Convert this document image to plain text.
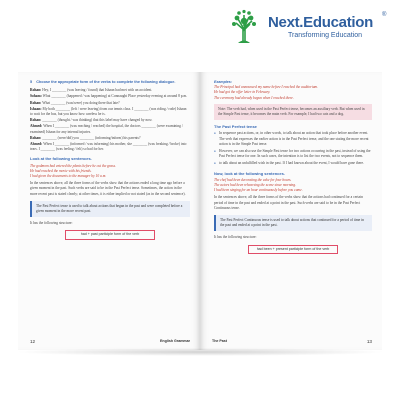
Next.Education ®
Transforming Education
5 Choose the appropriate form of the verbs to complete the following dialogue.
Rohan: Hey, I ________ (was leaving / found) that Ishaan had met with an accident.
Soham: What ________ (happened / was happening) at Connaught Place yesterday evening at around 8 p.m.
Rohan: What ________ (was/were) you doing there that late?
Ishaan: My both ________ (left / were leaving) from our tennis class. I ________ (was riding / rode) Ishaan to wait for the bus, but you know how careless he is.
Rohan: ________ (thought / was thinking) that this label may have changed by now.
Ahmed: When I ________ (was reaching / reached) the hospital, the doctors ________ (were examining / examined) Ishaan for any internal injuries.
Rohan: ________ (were/did) you ________ (informing/inform) his parents?
Ahmed: When I ________ (informed / was informing) his mother, she ________ (was freaking / broke) into tears. I ________ (was feeling / felt) so bad for her.
Look at the following sentences.
The godmom had entered the plants before he cut the grass.
He had reached the movie with his friends.
I had given the documents to the manager by 10 a.m.
In the sentences above, all the three forms of the verbs show that the actions ended a long time ago before a given moment in the past. Such verbs are said to be in the Past Perfect tense. Sometimes, the action in the more recent past is stated clearly; at other times, it is either implied or not stated (as in the second sentence).
The Past Perfect tense is used to talk about actions that began in the past and were completed before a given moment in the more recent past.
It has the following structure:
had + past participle form of the verb
12	English Grammar
Examples:
The Principal had announced my name before I reached the auditorium.
He had got the offer letter in February.
The ceremony had already begun when I reached there.
Note: The verb had, when used in the Past Perfect tense, becomes an auxiliary verb. But when used in the Simple Past tense, it becomes the main verb. For example, I had two cats and a dog.
The Past Perfect tense
● In sequence past actions, or, in other words, to talk about an action that took place before another event. The verb that expresses the earlier action is in the Past Perfect tense, and the one stating the more recent action is in the Simple Past tense.
● However, we can also use the Simple Past tense for two actions occurring in the past, instead of using the Past Perfect tense for one. In such cases, the intention is to list the two events, not to sequence them.
● to talk about an unfulfilled wish in the past. If I had known about the event, I would have gone there.
Now, look at the following sentences.
The chef had been decorating the cake for four hours.
The actors had been rehearsing the scene since morning.
I had been singing for an hour continuously before you came.
In the sentences above, all the three forms of the verbs show that the actions had continued for a certain period of time in the past and ended at a point in the past. Such verbs are said to be in the Past Perfect Continuous tense.
The Past Perfect Continuous tense is used to talk about actions that continued for a period of time in the past and ended at a point in the past.
It has the following structure:
had been + present participle form of the verb
The Past	13
